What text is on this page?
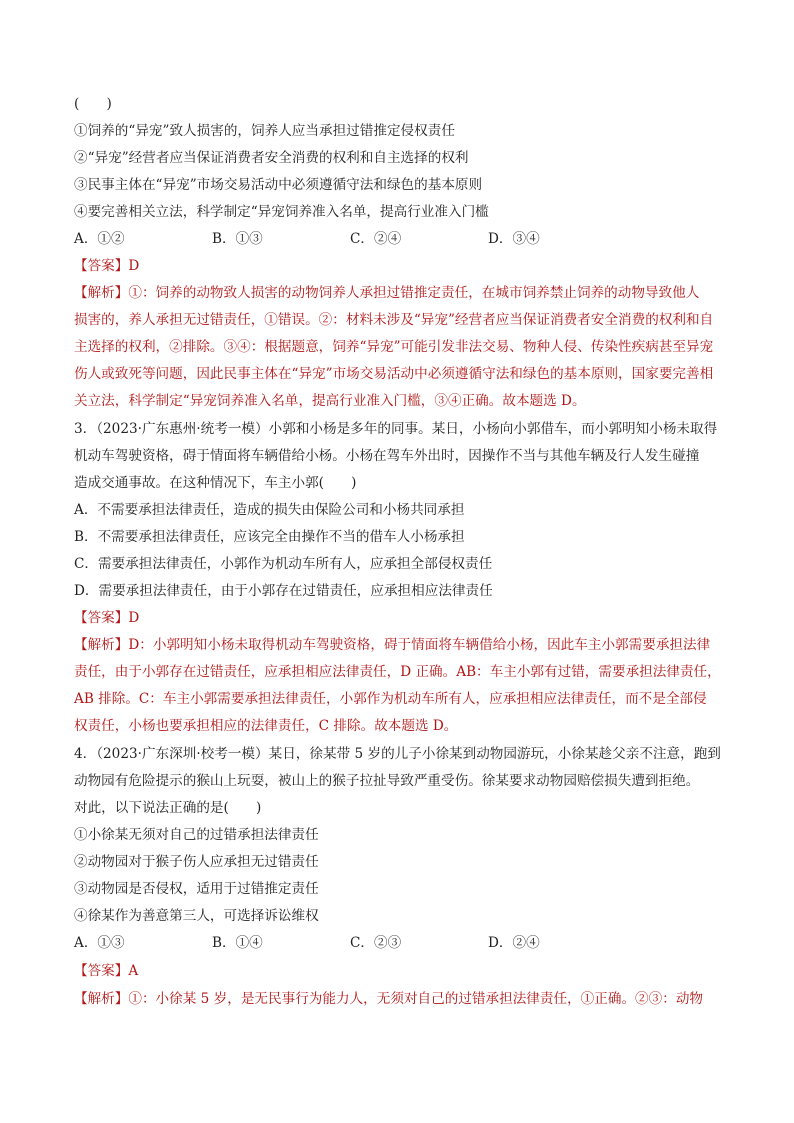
(　　)
①饲养的“异宠”致人损害的，饲养人应当承担过错推定侵权责任
②“异宠”经营者应当保证消费者安全消费的权利和自主选择的权利
③民事主体在“异宠”市场交易活动中必须遵循守法和绿色的基本原则
④要完善相关立法，科学制定“异宠饲养准入名单，提高行业准入门槛
A．①②	B．①③	C．②④	D．③④
【答案】D
【解析】①：饲养的动物致人损害的动物饲养人承担过错推定责任，在城市饲养禁止饲养的动物导致他人
损害的，养人承担无过错责任，①错误。②：材料未涉及“异宠”经营者应当保证消费者安全消费的权利和自
主选择的权利，②排除。③④：根据题意，饲养“异宠”可能引发非法交易、物种人侵、传染性疾病甚至异宠
伤人或致死等问题，因此民事主体在“异宠”市场交易活动中必须遵循守法和绿色的基本原则，国家要完善相
关立法，科学制定“异宠饲养准入名单，提高行业准入门槛，③④正确。故本题选 D。
3．（2023·广东惠州·统考一模）小郭和小杨是多年的同事。某日，小杨向小郭借车，而小郭明知小杨未取得
机动车驾驶资格，碍于情面将车辆借给小杨。小杨在驾车外出时，因操作不当与其他车辆及行人发生碰撞
造成交通事故。在这种情况下，车主小郭(　　)
A．不需要承担法律责任，造成的损失由保险公司和小杨共同承担
B．不需要承担法律责任，应该完全由操作不当的借车人小杨承担
C．需要承担法律责任，小郭作为机动车所有人，应承担全部侵权责任
D．需要承担法律责任，由于小郭存在过错责任，应承担相应法律责任
【答案】D
【解析】D：小郭明知小杨未取得机动车驾驶资格，碍于情面将车辆借给小杨，因此车主小郭需要承担法律
责任，由于小郭存在过错责任，应承担相应法律责任，D 正确。AB：车主小郭有过错，需要承担法律责任，
AB 排除。C：车主小郭需要承担法律责任，小郭作为机动车所有人，应承担相应法律责任，而不是全部侵
权责任，小杨也要承担相应的法律责任，C 排除。故本题选 D。
4．（2023·广东深圳·校考一模）某日，徐某带 5 岁的儿子小徐某到动物园游玩，小徐某趁父亲不注意，跑到
动物园有危险提示的猴山上玩耍，被山上的猴子拉扯导致严重受伤。徐某要求动物园赔偿损失遭到拒绝。
对此，以下说法正确的是(　　)
①小徐某无须对自己的过错承担法律责任
②动物园对于猴子伤人应承担无过错责任
③动物园是否侵权，适用于过错推定责任
④徐某作为善意第三人，可选择诉讼维权
A．①③	B．①④	C．②③	D．②④
【答案】A
【解析】①：小徐某 5 岁，是无民事行为能力人，无须对自己的过错承担法律责任，①正确。②③：动物
